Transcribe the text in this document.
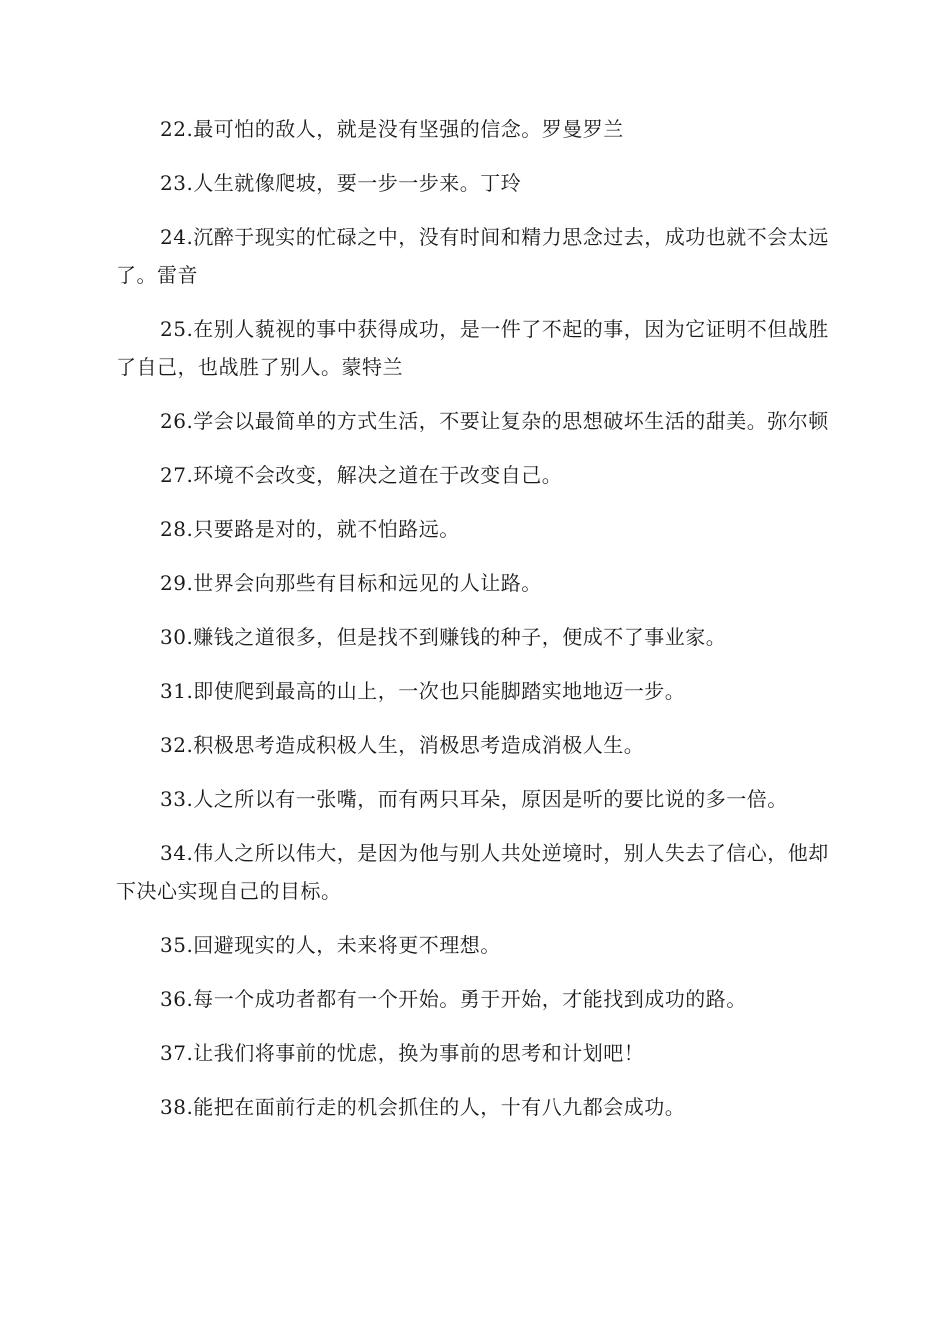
22.最可怕的敌人，就是没有坚强的信念。罗曼罗兰

23.人生就像爬坡，要一步一步来。丁玲

24.沉醉于现实的忙碌之中，没有时间和精力思念过去，成功也就不会太远了。雷音

25.在别人藐视的事中获得成功，是一件了不起的事，因为它证明不但战胜了自己，也战胜了别人。蒙特兰

26.学会以最简单的方式生活，不要让复杂的思想破坏生活的甜美。弥尔顿

27.环境不会改变，解决之道在于改变自己。

28.只要路是对的，就不怕路远。

29.世界会向那些有目标和远见的人让路。

30.赚钱之道很多，但是找不到赚钱的种子，便成不了事业家。

31.即使爬到最高的山上，一次也只能脚踏实地地迈一步。

32.积极思考造成积极人生，消极思考造成消极人生。

33.人之所以有一张嘴，而有两只耳朵，原因是听的要比说的多一倍。

34.伟人之所以伟大，是因为他与别人共处逆境时，别人失去了信心，他却下决心实现自己的目标。

35.回避现实的人，未来将更不理想。

36.每一个成功者都有一个开始。勇于开始，才能找到成功的路。

37.让我们将事前的忧虑，换为事前的思考和计划吧！

38.能把在面前行走的机会抓住的人，十有八九都会成功。
